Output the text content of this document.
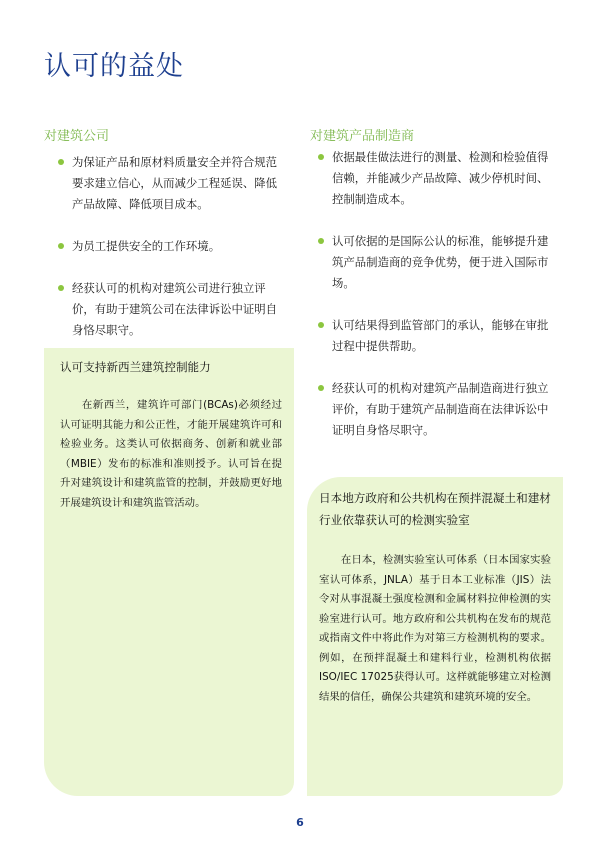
认可的益处
对建筑公司
为保证产品和原材料质量安全并符合规范要求建立信心，从而减少工程延误、降低产品故障、降低项目成本。
为员工提供安全的工作环境。
经获认可的机构对建筑公司进行独立评价，有助于建筑公司在法律诉讼中证明自身恪尽职守。
认可支持新西兰建筑控制能力
在新西兰，建筑许可部门(BCAs)必须经过认可证明其能力和公正性，才能开展建筑许可和检验业务。这类认可依据商务、创新和就业部（MBIE）发布的标准和准则授予。认可旨在提升对建筑设计和建筑监管的控制，并鼓励更好地开展建筑设计和建筑监管活动。
对建筑产品制造商
依据最佳做法进行的测量、检测和检验值得信赖，并能减少产品故障、减少停机时间、控制制造成本。
认可依据的是国际公认的标准，能够提升建筑产品制造商的竞争优势，便于进入国际市场。
认可结果得到监管部门的承认，能够在审批过程中提供帮助。
经获认可的机构对建筑产品制造商进行独立评价，有助于建筑产品制造商在法律诉讼中证明自身恪尽职守。
日本地方政府和公共机构在预拌混凝土和建材行业依靠获认可的检测实验室
在日本，检测实验室认可体系（日本国家实验室认可体系，JNLA）基于日本工业标准（JIS）法令对从事混凝土强度检测和金属材料拉伸检测的实验室进行认可。地方政府和公共机构在发布的规范或指南文件中将此作为对第三方检测机构的要求。例如，在预拌混凝土和建料行业，检测机构依据ISO/IEC 17025获得认可。这样就能够建立对检测结果的信任，确保公共建筑和建筑环境的安全。
6
